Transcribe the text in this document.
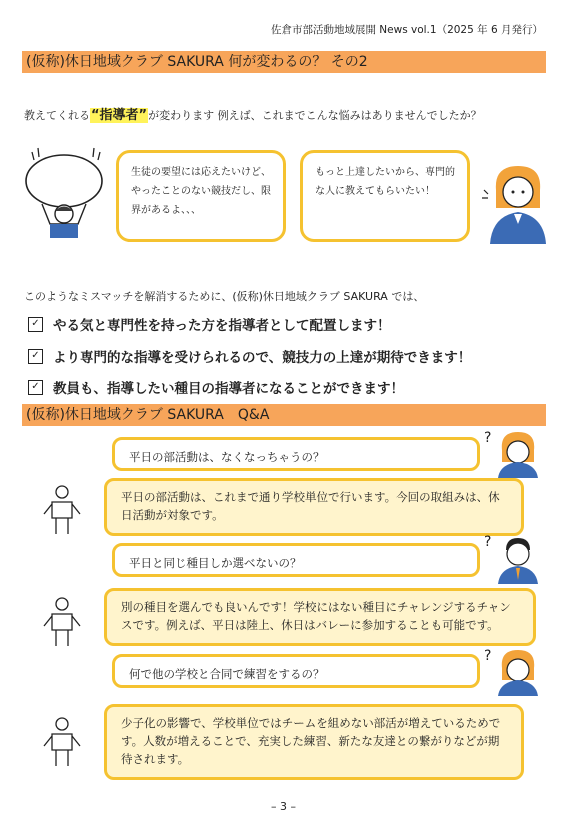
佐倉市部活動地域展開 News vol.1（2025 年 6 月発行）
(仮称)休日地域クラブ SAKURA 何が変わるの？ その2
教えてくれる“指導者”が変わります 例えば、これまでこんな悩みはありませんでしたか？
生徒の要望には応えたいけど、やったことのない競技だし、限界があるよ、、、
もっと上達したいから、専門的な人に教えてもらいたい！
このようなミスマッチを解消するために、(仮称)休日地域クラブ SAKURA では、
✓ やる気と専門性を持った方を指導者として配置します！
✓ より専門的な指導を受けられるので、競技力の上達が期待できます！
✓ 教員も、指導したい種目の指導者になることができます！
(仮称)休日地域クラブ SAKURA　Q&A
平日の部活動は、なくなっちゃうの？
?
平日の部活動は、これまで通り学校単位で行います。今回の取組みは、休日活動が対象です。
平日と同じ種目しか選べないの？
?
別の種目を選んでも良いんです！学校にはない種目にチャレンジするチャンスです。例えば、平日は陸上、休日はバレーに参加することも可能です。
何で他の学校と合同で練習をするの？
?
少子化の影響で、学校単位ではチームを組めない部活が増えているためです。人数が増えることで、充実した練習、新たな友達との繋がりなどが期待されます。
– 3 –
